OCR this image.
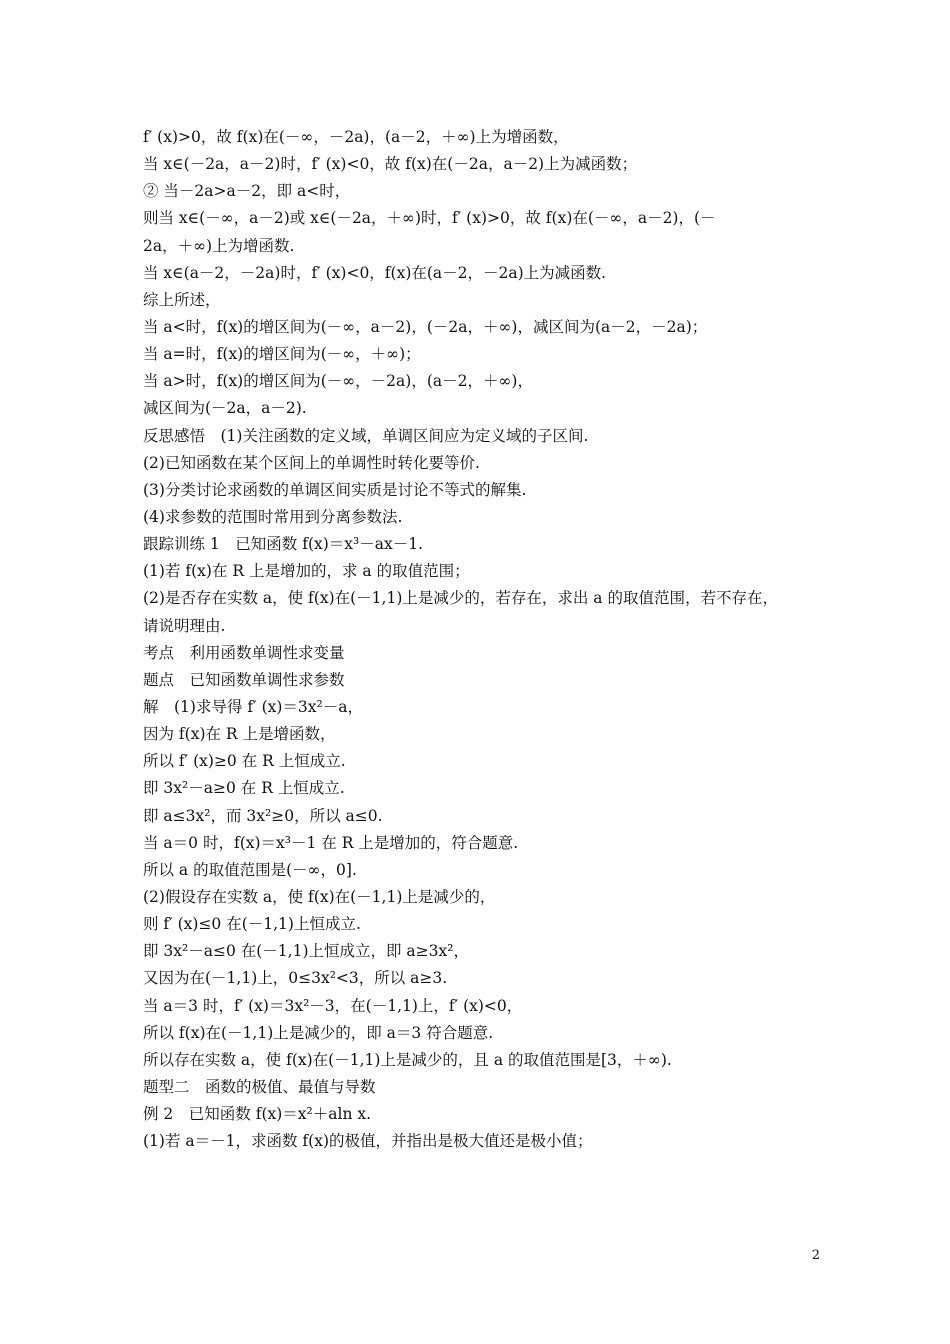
f′ (x)>0，故 f(x)在(－∞，－2a)，(a－2，＋∞)上为增函数，
当 x∈(－2a，a－2)时，f′ (x)<0，故 f(x)在(－2a，a－2)上为减函数；
② 当－2a>a－2，即 a<时，
则当 x∈(－∞，a－2)或 x∈(－2a，＋∞)时，f′ (x)>0，故 f(x)在(－∞，a－2)，(－
2a，＋∞)上为增函数.
当 x∈(a－2，－2a)时，f′ (x)<0，f(x)在(a－2，－2a)上为减函数.
综上所述，
当 a<时，f(x)的增区间为(－∞，a－2)，(－2a，＋∞)，减区间为(a－2，－2a)；
当 a=时，f(x)的增区间为(－∞，＋∞)；
当 a>时，f(x)的增区间为(－∞，－2a)，(a－2，＋∞)，
减区间为(－2a，a－2).
反思感悟　(1)关注函数的定义域，单调区间应为定义域的子区间.
(2)已知函数在某个区间上的单调性时转化要等价.
(3)分类讨论求函数的单调区间实质是讨论不等式的解集.
(4)求参数的范围时常用到分离参数法.
跟踪训练 1　已知函数 f(x)＝x³－ax－1.
(1)若 f(x)在 R 上是增加的，求 a 的取值范围；
(2)是否存在实数 a，使 f(x)在(－1,1)上是减少的，若存在，求出 a 的取值范围，若不存在，
请说明理由.
考点　利用函数单调性求变量
题点　已知函数单调性求参数
解　(1)求导得 f′ (x)＝3x²－a，
因为 f(x)在 R 上是增函数，
所以 f′ (x)≥0 在 R 上恒成立.
即 3x²－a≥0 在 R 上恒成立.
即 a≤3x²，而 3x²≥0，所以 a≤0.
当 a＝0 时，f(x)＝x³－1 在 R 上是增加的，符合题意.
所以 a 的取值范围是(－∞，0].
(2)假设存在实数 a，使 f(x)在(－1,1)上是减少的，
则 f′ (x)≤0 在(－1,1)上恒成立.
即 3x²－a≤0 在(－1,1)上恒成立，即 a≥3x²，
又因为在(－1,1)上，0≤3x²<3，所以 a≥3.
当 a＝3 时，f′ (x)＝3x²－3，在(－1,1)上，f′ (x)<0，
所以 f(x)在(－1,1)上是减少的，即 a＝3 符合题意.
所以存在实数 a，使 f(x)在(－1,1)上是减少的，且 a 的取值范围是[3，＋∞).
题型二　函数的极值、最值与导数
例 2　已知函数 f(x)＝x²＋aln x.
(1)若 a＝－1，求函数 f(x)的极值，并指出是极大值还是极小值；
2
